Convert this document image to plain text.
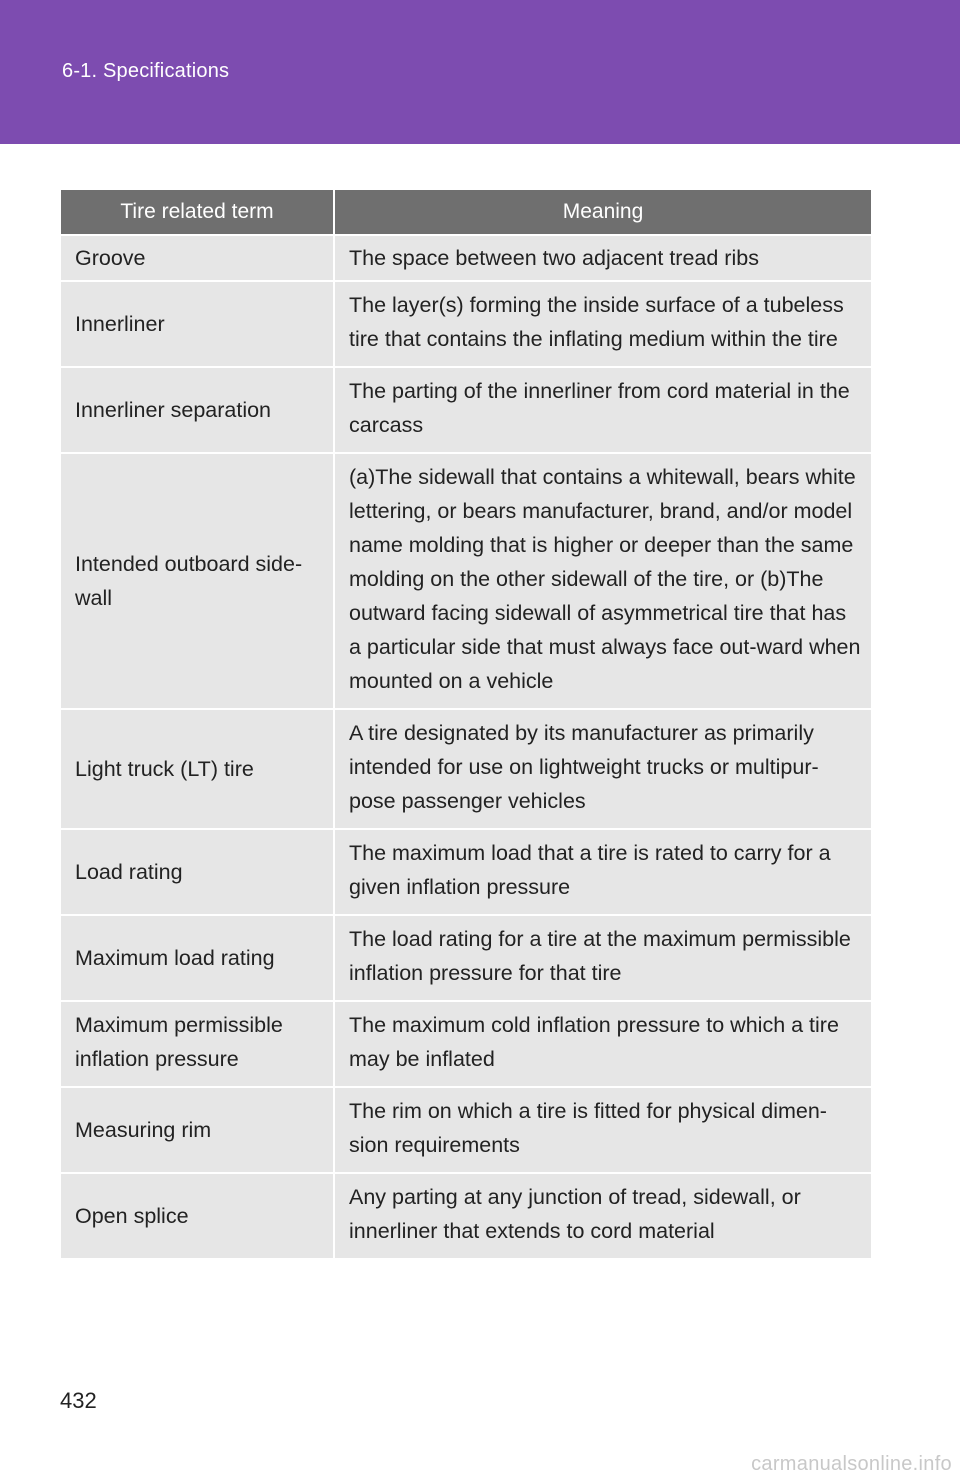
6-1. Specifications
Tire related term	Meaning
Groove	The space between two adjacent tread ribs
Innerliner	The layer(s) forming the inside surface of a tubeless tire that contains the inflating medium within the tire
Innerliner separation	The parting of the innerliner from cord material in the carcass
Intended outboard side-wall	(a)The sidewall that contains a whitewall, bears white lettering, or bears manufacturer, brand, and/or model name molding that is higher or deeper than the same molding on the other sidewall of the tire, or (b)The outward facing sidewall of asymmetrical tire that has a particular side that must always face out-ward when mounted on a vehicle
Light truck (LT) tire	A tire designated by its manufacturer as primarily intended for use on lightweight trucks or multipur-pose passenger vehicles
Load rating	The maximum load that a tire is rated to carry for a given inflation pressure
Maximum load rating	The load rating for a tire at the maximum permissible inflation pressure for that tire
Maximum permissible inflation pressure	The maximum cold inflation pressure to which a tire may be inflated
Measuring rim	The rim on which a tire is fitted for physical dimen-sion requirements
Open splice	Any parting at any junction of tread, sidewall, or innerliner that extends to cord material
432
carmanualsonline.info
